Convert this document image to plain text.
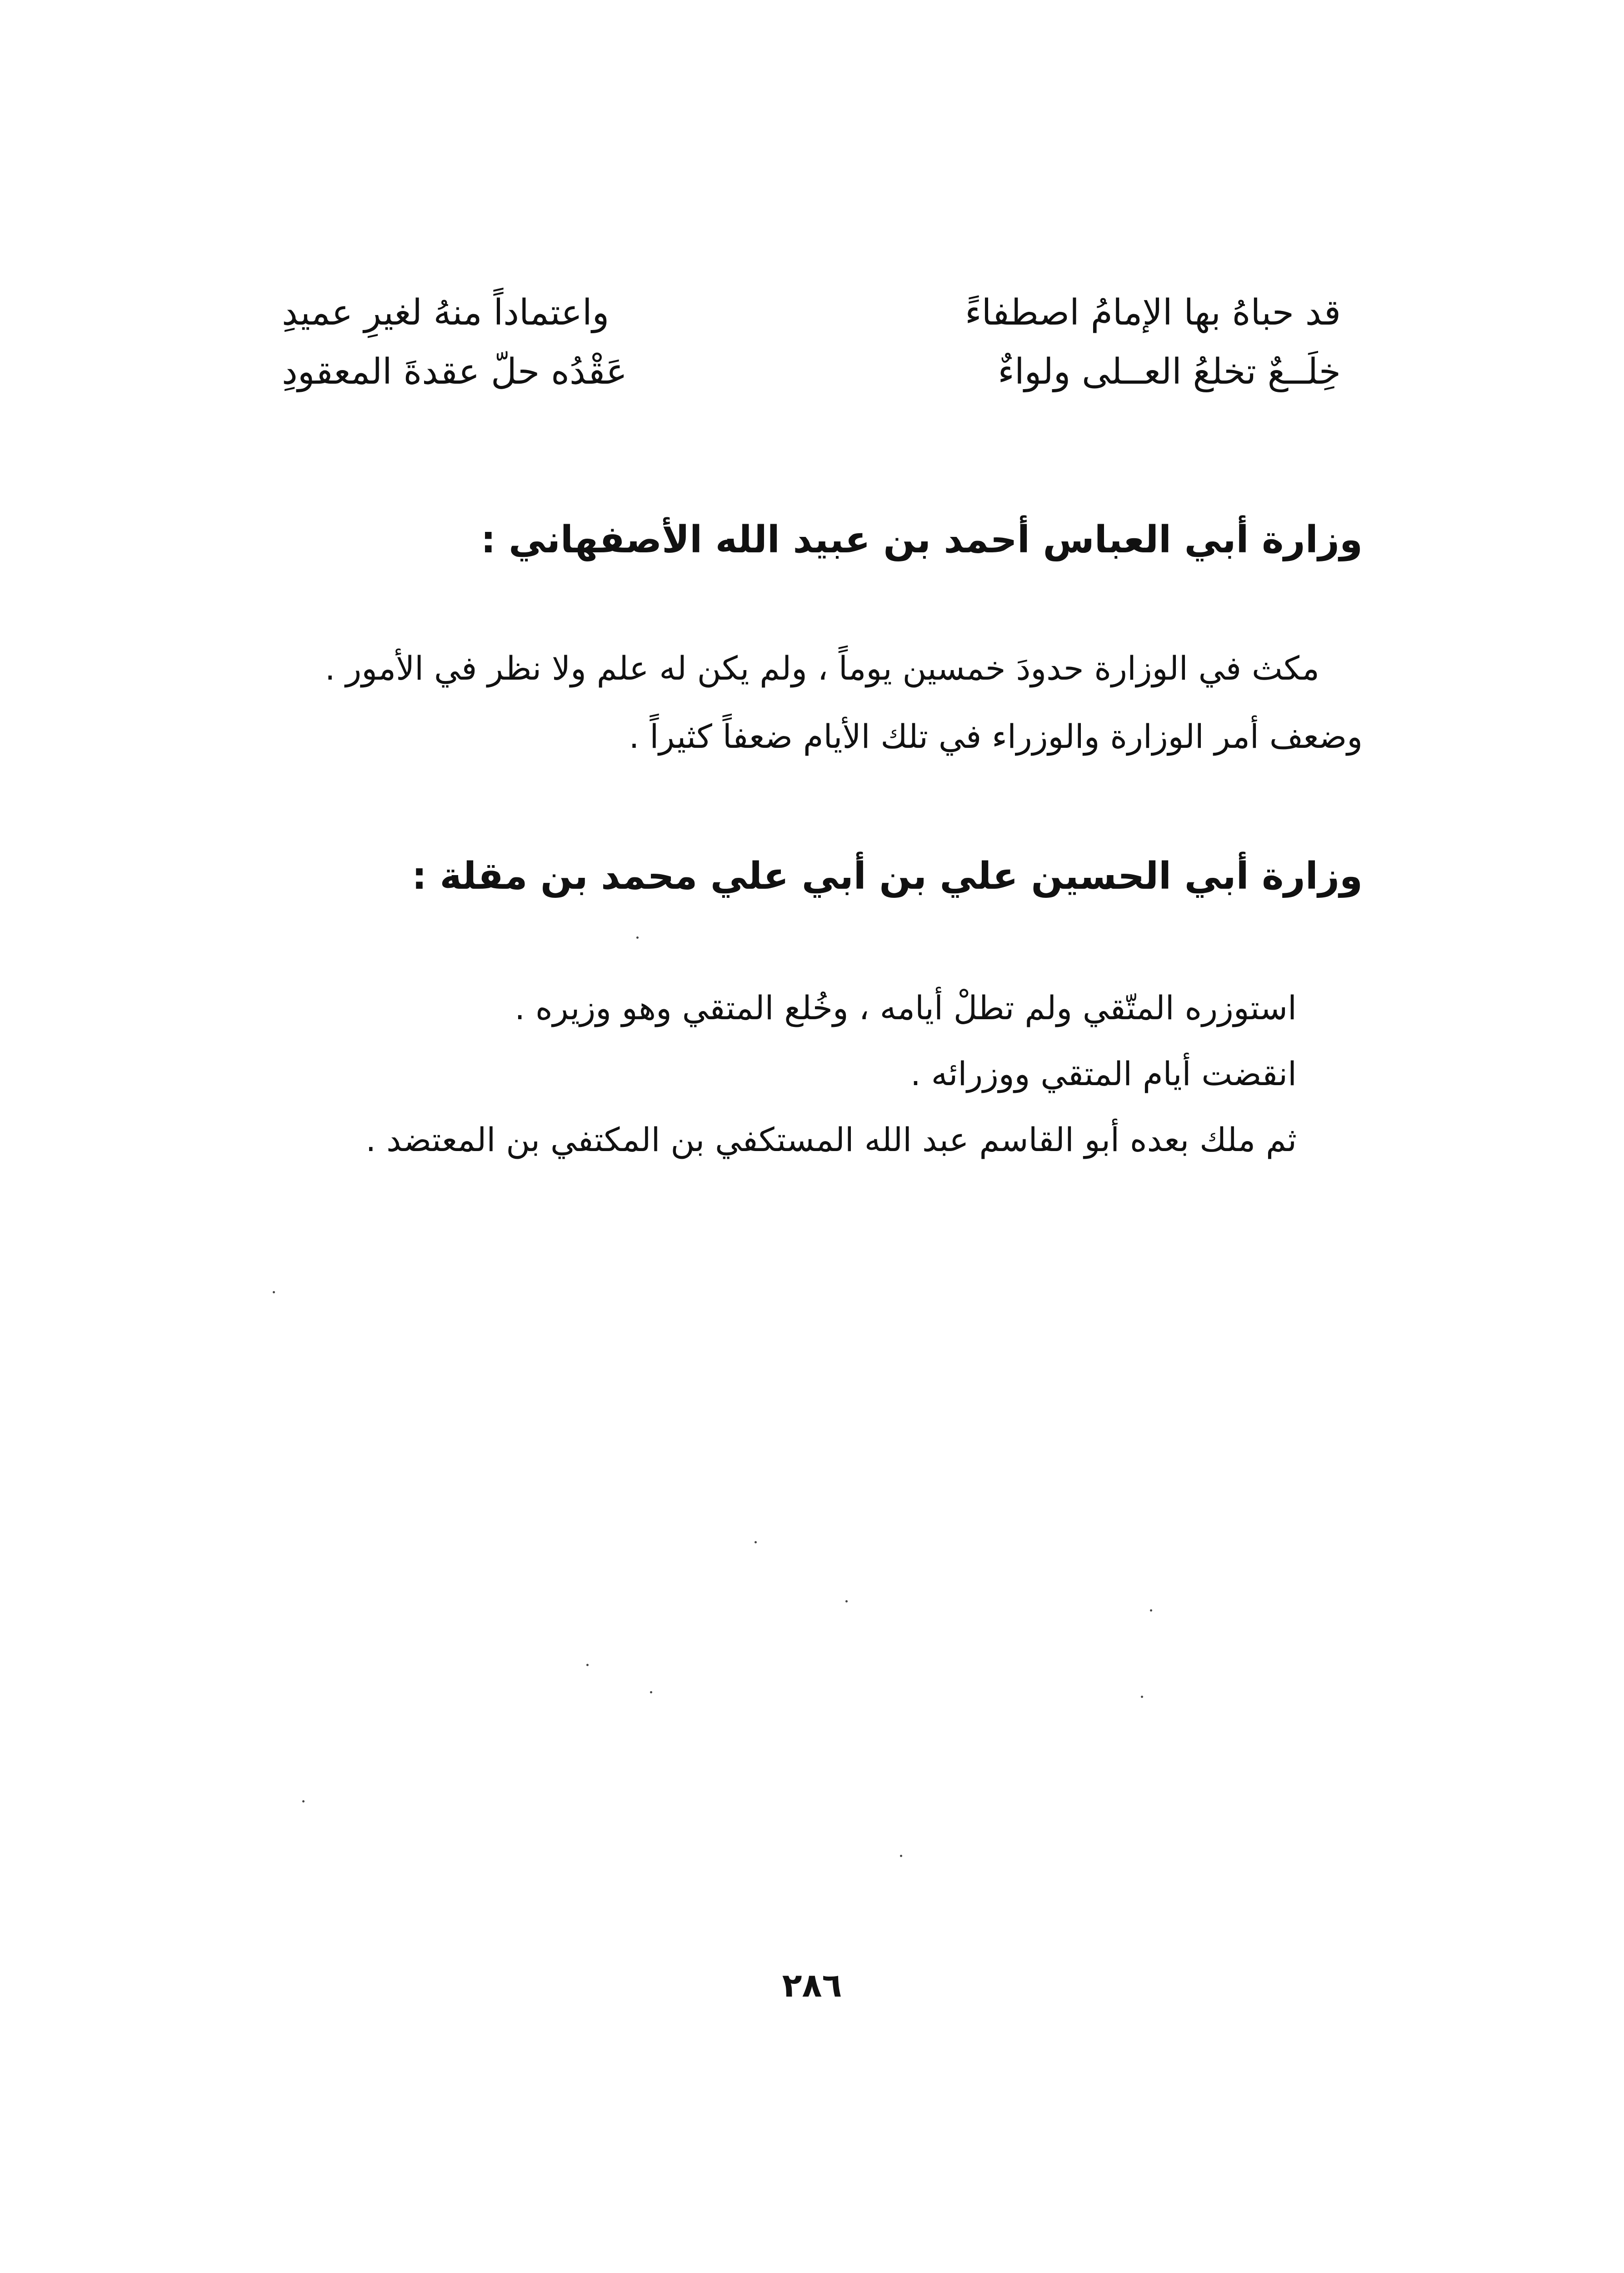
قد حباهُ بها الإمامُ اصطفاءً
واعتماداً منهُ لغيرِ عميدِ
خِلَــعٌ تخلعُ العــلى ولواءٌ
عَقْدُه حلّ عقدةَ المعقودِ
وزارة أبي العباس أحمد بن عبيد الله الأصفهاني :
مكث في الوزارة حدودَ خمسين يوماً ، ولم يكن له علم ولا نظر في الأمور .
وضعف أمر الوزارة والوزراء في تلك الأيام ضعفاً كثيراً .
وزارة أبي الحسين علي بن أبي علي محمد بن مقلة :
استوزره المتّقي ولم تطلْ أيامه ، وخُلع المتقي وهو وزيره .
انقضت أيام المتقي ووزرائه .
ثم ملك بعده أبو القاسم عبد الله المستكفي بن المكتفي بن المعتضد .
٢٨٦
